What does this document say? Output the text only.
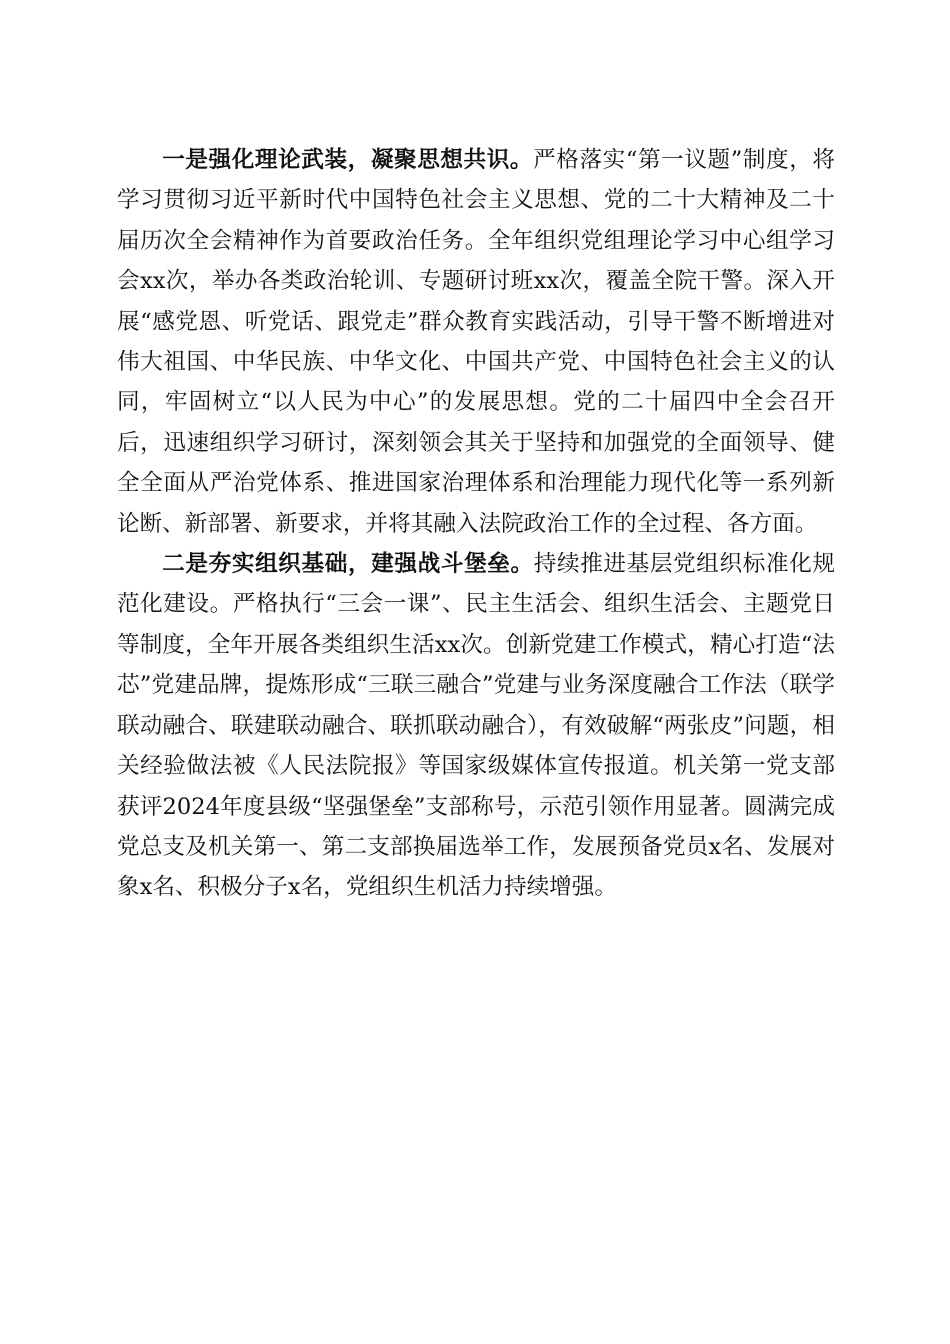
一是强化理论武装，凝聚思想共识。严格落实“第一议题”制度，将学习贯彻习近平新时代中国特色社会主义思想、党的二十大精神及二十届历次全会精神作为首要政治任务。全年组织党组理论学习中心组学习会xx次，举办各类政治轮训、专题研讨班xx次，覆盖全院干警。深入开展“感党恩、听党话、跟党走”群众教育实践活动，引导干警不断增进对伟大祖国、中华民族、中华文化、中国共产党、中国特色社会主义的认同，牢固树立“以人民为中心”的发展思想。党的二十届四中全会召开后，迅速组织学习研讨，深刻领会其关于坚持和加强党的全面领导、健全全面从严治党体系、推进国家治理体系和治理能力现代化等一系列新论断、新部署、新要求，并将其融入法院政治工作的全过程、各方面。

二是夯实组织基础，建强战斗堡垒。持续推进基层党组织标准化规范化建设。严格执行“三会一课”、民主生活会、组织生活会、主题党日等制度，全年开展各类组织生活xx次。创新党建工作模式，精心打造“法芯”党建品牌，提炼形成“三联三融合”党建与业务深度融合工作法（联学联动融合、联建联动融合、联抓联动融合），有效破解“两张皮”问题，相关经验做法被《人民法院报》等国家级媒体宣传报道。机关第一党支部获评2024年度县级“坚强堡垒”支部称号，示范引领作用显著。圆满完成党总支及机关第一、第二支部换届选举工作，发展预备党员x名、发展对象x名、积极分子x名，党组织生机活力持续增强。
